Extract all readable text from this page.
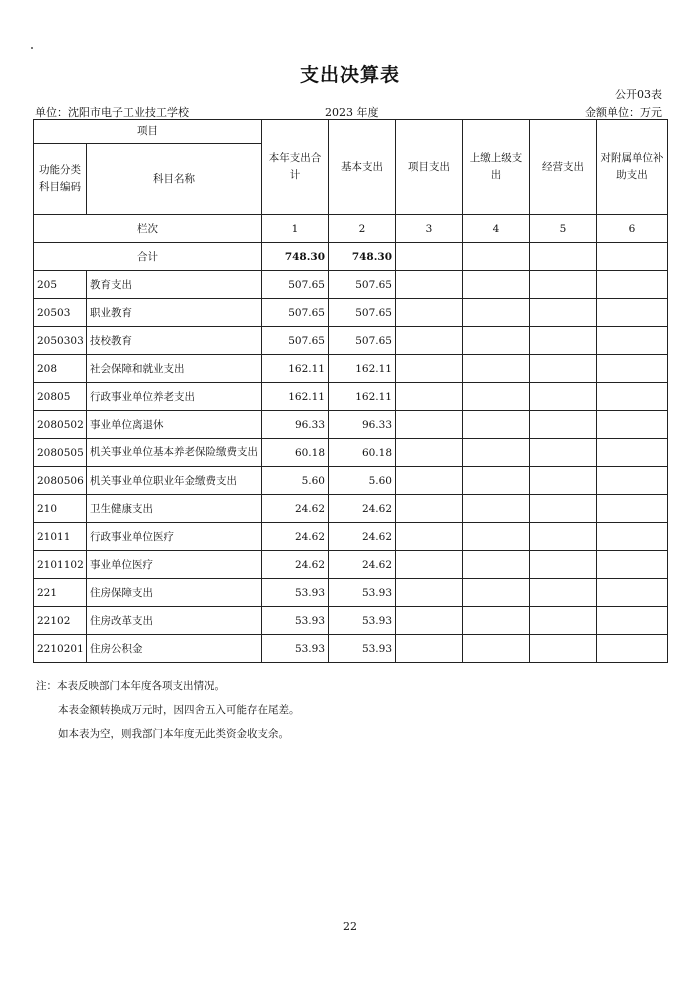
支出决算表
公开03表
单位：沈阳市电子工业技工学校	2023 年度	金额单位：万元
项目		本年支出合计	基本支出	项目支出	上缴上级支出	经营支出	对附属单位补助支出
功能分类科目编码	科目名称						
栏次		1	2	3	4	5	6
合计		748.30	748.30				
205	教育支出	507.65	507.65				
20503	职业教育	507.65	507.65				
2050303	技校教育	507.65	507.65				
208	社会保障和就业支出	162.11	162.11				
20805	行政事业单位养老支出	162.11	162.11				
2080502	事业单位离退休	96.33	96.33				
2080505	机关事业单位基本养老保险缴费支出	60.18	60.18				
2080506	机关事业单位职业年金缴费支出	5.60	5.60				
210	卫生健康支出	24.62	24.62				
21011	行政事业单位医疗	24.62	24.62				
2101102	事业单位医疗	24.62	24.62				
221	住房保障支出	53.93	53.93				
22102	住房改革支出	53.93	53.93				
2210201	住房公积金	53.93	53.93				
注：本表反映部门本年度各项支出情况。
本表金额转换成万元时，因四舍五入可能存在尾差。
如本表为空，则我部门本年度无此类资金收支余。
22
